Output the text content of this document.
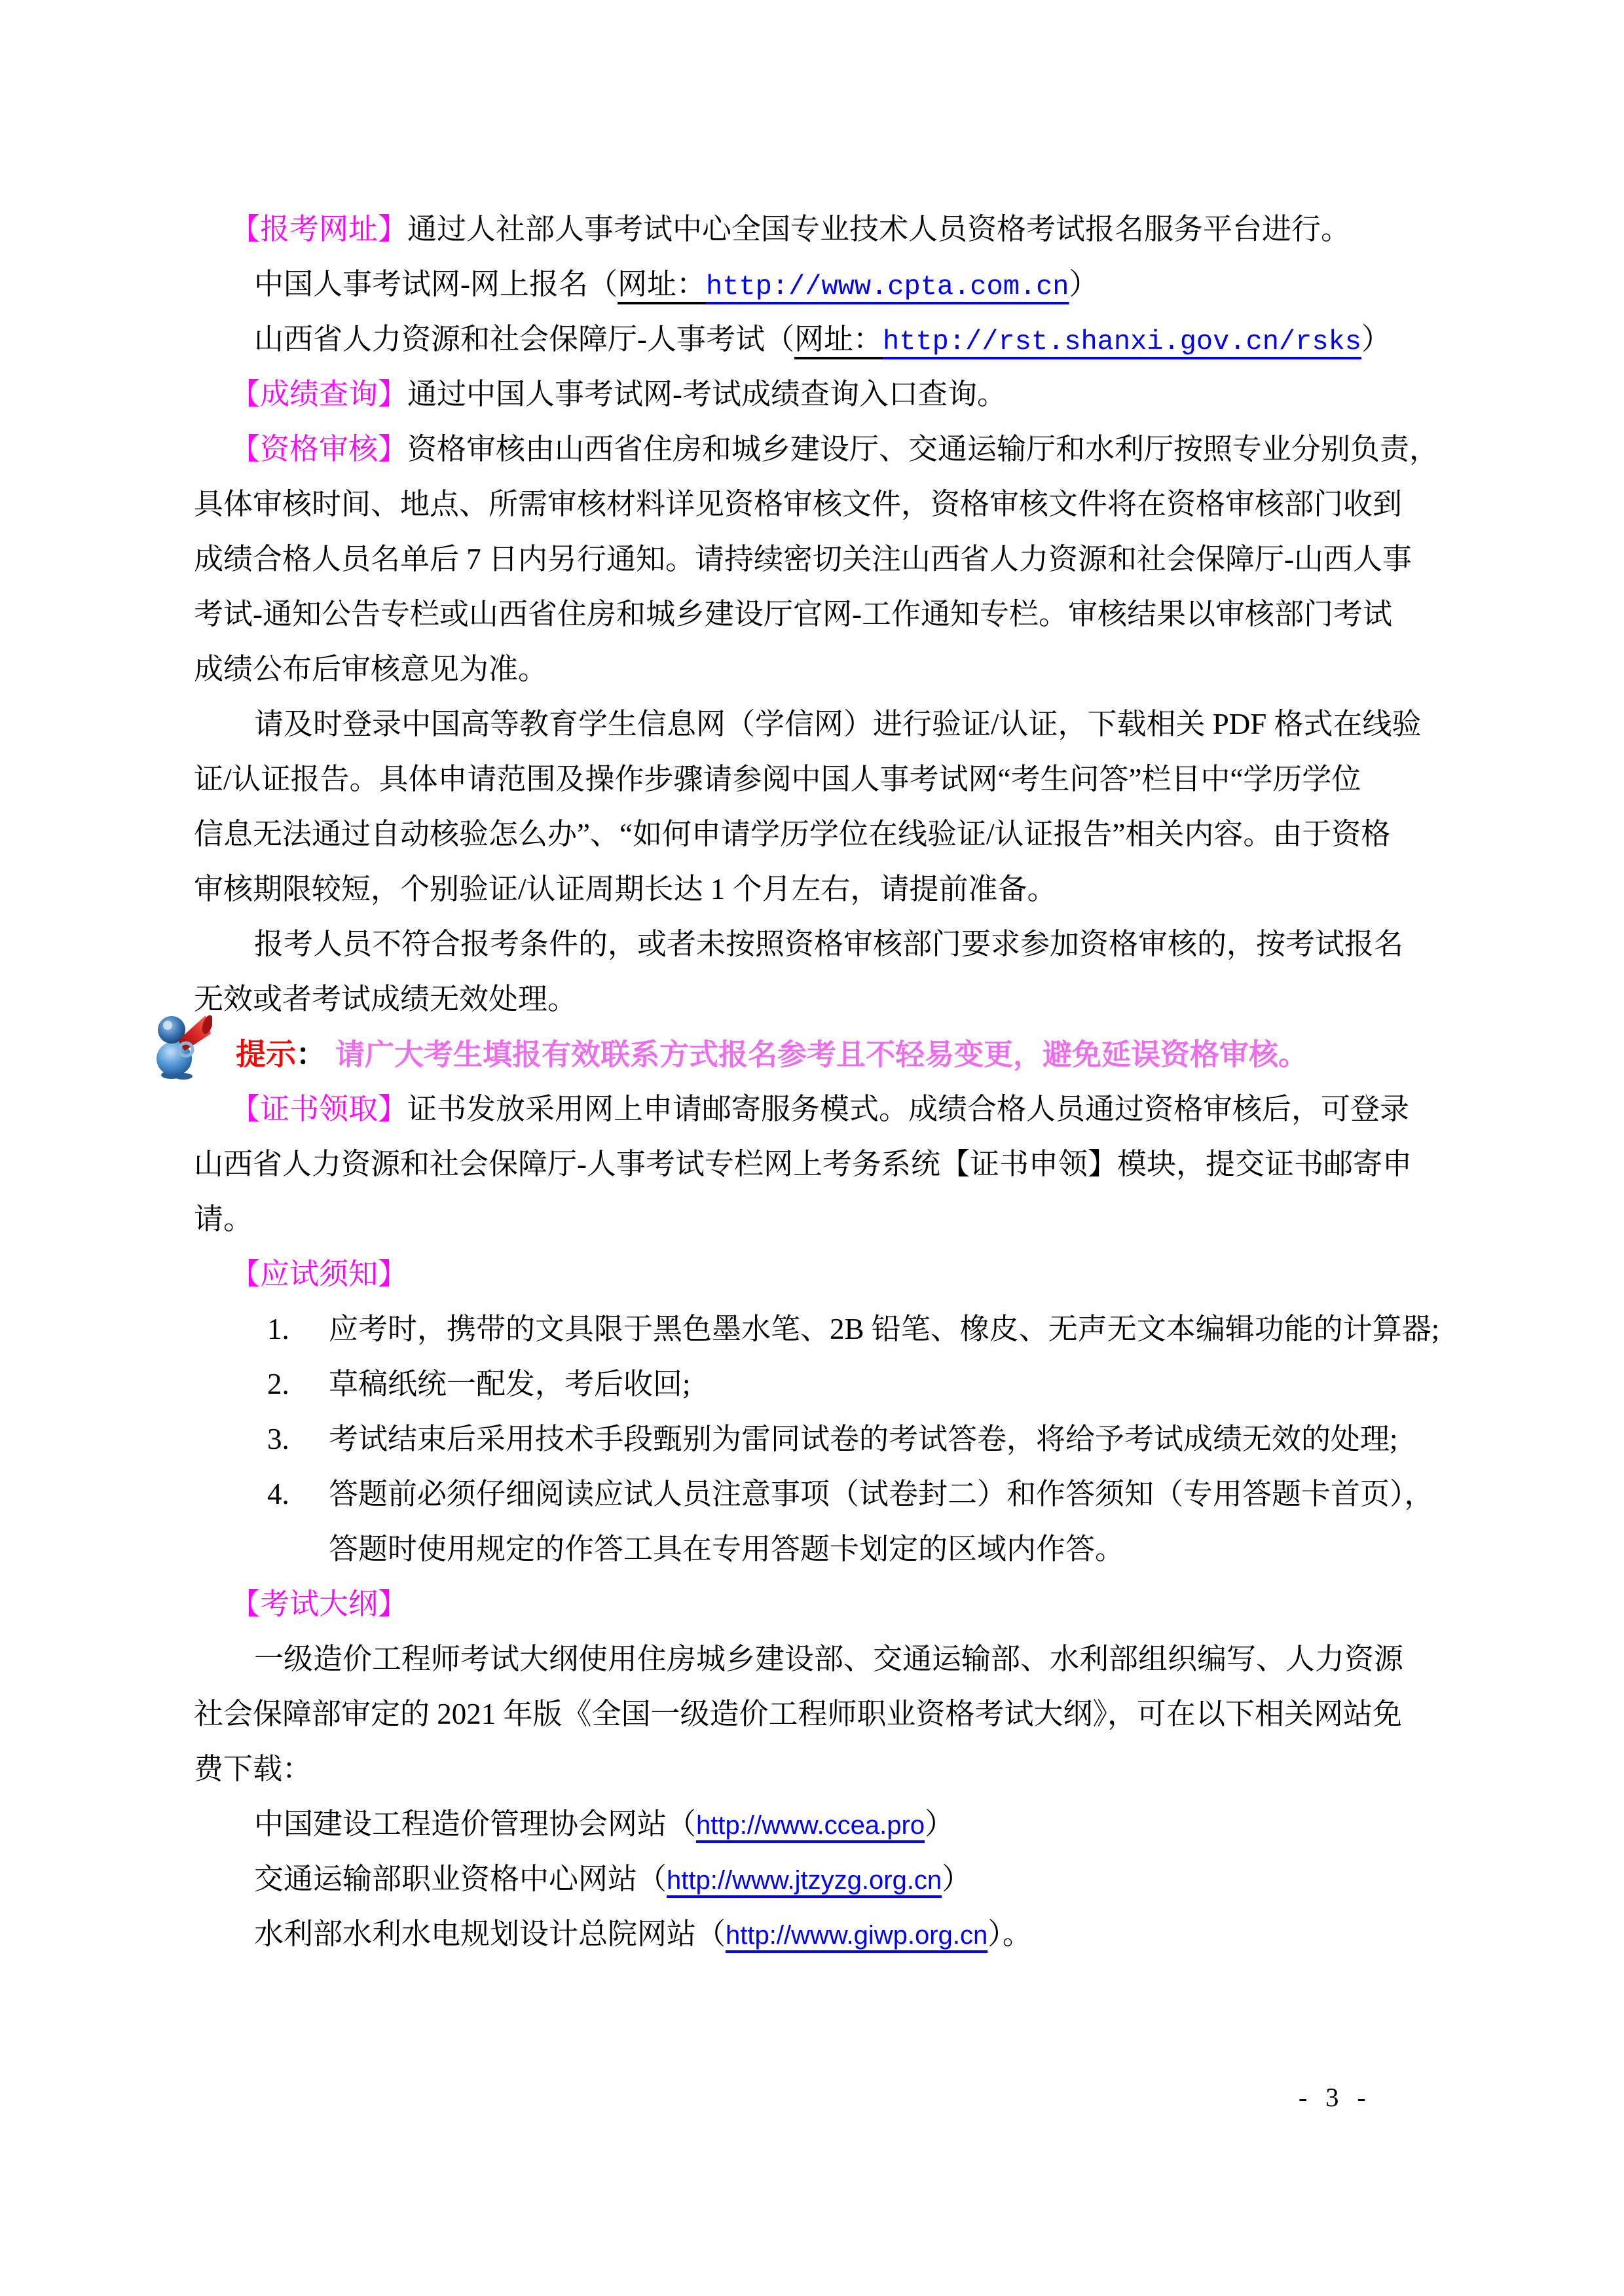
【报考网址】通过人社部人事考试中心全国专业技术人员资格考试报名服务平台进行。
中国人事考试网-网上报名（网址：http://www.cpta.com.cn）
山西省人力资源和社会保障厅-人事考试（网址：http://rst.shanxi.gov.cn/rsks）
【成绩查询】通过中国人事考试网-考试成绩查询入口查询。
【资格审核】资格审核由山西省住房和城乡建设厅、交通运输厅和水利厅按照专业分别负责，
具体审核时间、地点、所需审核材料详见资格审核文件，资格审核文件将在资格审核部门收到
成绩合格人员名单后 7 日内另行通知。请持续密切关注山西省人力资源和社会保障厅-山西人事
考试-通知公告专栏或山西省住房和城乡建设厅官网-工作通知专栏。审核结果以审核部门考试
成绩公布后审核意见为准。
请及时登录中国高等教育学生信息网（学信网）进行验证/认证，下载相关 PDF 格式在线验
证/认证报告。具体申请范围及操作步骤请参阅中国人事考试网“考生问答”栏目中“学历学位
信息无法通过自动核验怎么办”、“如何申请学历学位在线验证/认证报告”相关内容。由于资格
审核期限较短，个别验证/认证周期长达 1 个月左右，请提前准备。
报考人员不符合报考条件的，或者未按照资格审核部门要求参加资格审核的，按考试报名
无效或者考试成绩无效处理。
提示： 请广大考生填报有效联系方式报名参考且不轻易变更，避免延误资格审核。
【证书领取】证书发放采用网上申请邮寄服务模式。成绩合格人员通过资格审核后，可登录
山西省人力资源和社会保障厅-人事考试专栏网上考务系统【证书申领】模块，提交证书邮寄申
请。
【应试须知】
1. 应考时，携带的文具限于黑色墨水笔、2B 铅笔、橡皮、无声无文本编辑功能的计算器;
2. 草稿纸统一配发，考后收回;
3. 考试结束后采用技术手段甄别为雷同试卷的考试答卷，将给予考试成绩无效的处理;
4. 答题前必须仔细阅读应试人员注意事项（试卷封二）和作答须知（专用答题卡首页），
答题时使用规定的作答工具在专用答题卡划定的区域内作答。
【考试大纲】
一级造价工程师考试大纲使用住房城乡建设部、交通运输部、水利部组织编写、人力资源
社会保障部审定的 2021 年版《全国一级造价工程师职业资格考试大纲》，可在以下相关网站免
费下载：
中国建设工程造价管理协会网站（http://www.ccea.pro）
交通运输部职业资格中心网站（http://www.jtzyzg.org.cn）
水利部水利水电规划设计总院网站（http://www.giwp.org.cn）。
- 3 -
